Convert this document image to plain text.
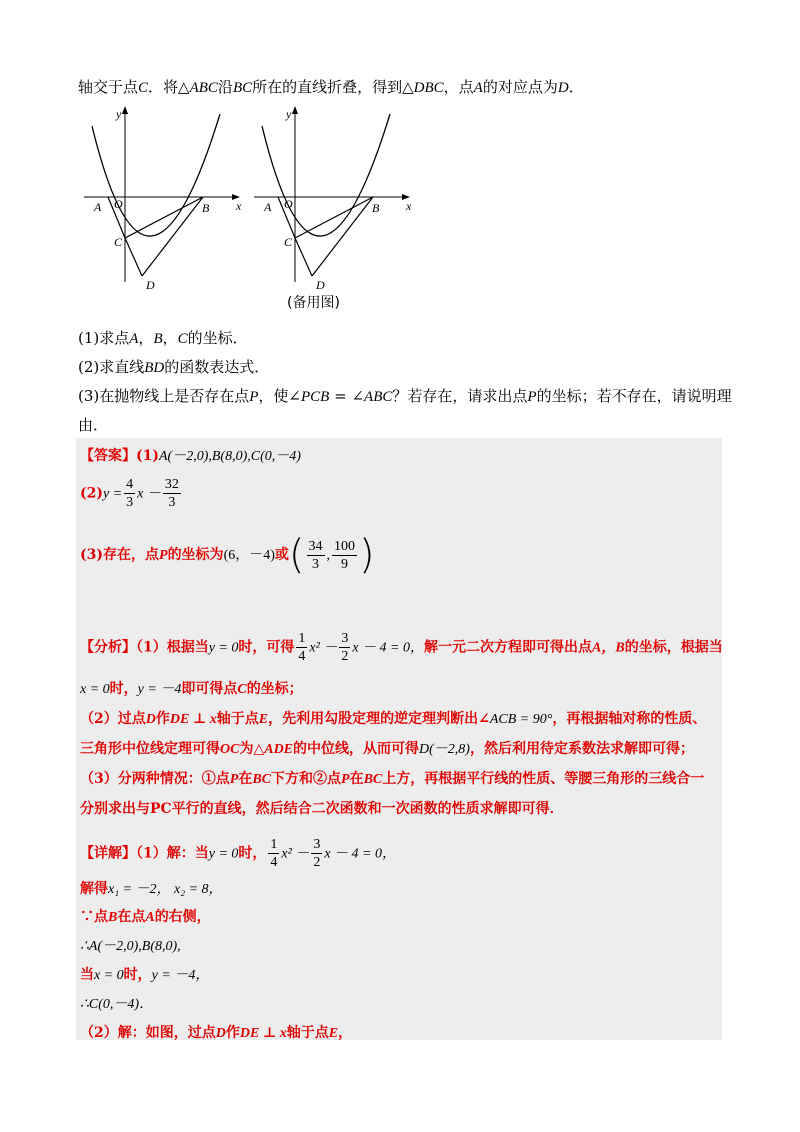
轴交于点C．将△ABC沿BC所在的直线折叠，得到△DBC，点A的对应点为D．
y
x
A O	B
C
D
y
x
A O	B
C
D
(备用图)
(1)求点A，B，C的坐标．
(2)求直线BD的函数表达式．
(3)在抛物线上是否存在点P，使∠PCB = ∠ABC？若存在，请求出点P的坐标；若不存在，请说明理
由．
【答案】(1)A(－2,0),B(8,0),C(0,－4)
$(2)y = \frac{4}{3}$ $x - \frac{32}{3}$
(3)存在，点P的坐标为(6，－4)或( $\frac{34}{3}$ , $\frac{100}{9}$ )
【分析】（1）根据当y = 0时，可得 $\frac{1}{4} x^2 - \frac{3}{2}$ x － 4 = 0，解一元二次方程即可得出点A，B的坐标，根据当
x = 0时，y = －4即可得点C的坐标；
（2）过点D作DE ⊥ x轴于点E，先利用勾股定理的逆定理判断出∠ACB = 90°，再根据轴对称的性质、
三角形中位线定理可得OC为△ADE的中位线，从而可得D(－2,8)，然后利用待定系数法求解即可得；
（3）分两种情况：①点P在BC下方和②点P在BC上方，再根据平行线的性质、等腰三角形的三线合一
分别求出与PC平行的直线，然后结合二次函数和一次函数的性质求解即可得．
【详解】（1）解：当y = 0时， $\frac{1}{4} x^2 - \frac{3}{2}$ x － 4 = 0，
解得x₁ = －2， x₂ = 8，
∵点B在点A的右侧，
∴A(－2,0),B(8,0),
当x = 0时，y = －4，
∴C(0,－4)．
（2）解：如图，过点D作DE ⊥ x轴于点E，
